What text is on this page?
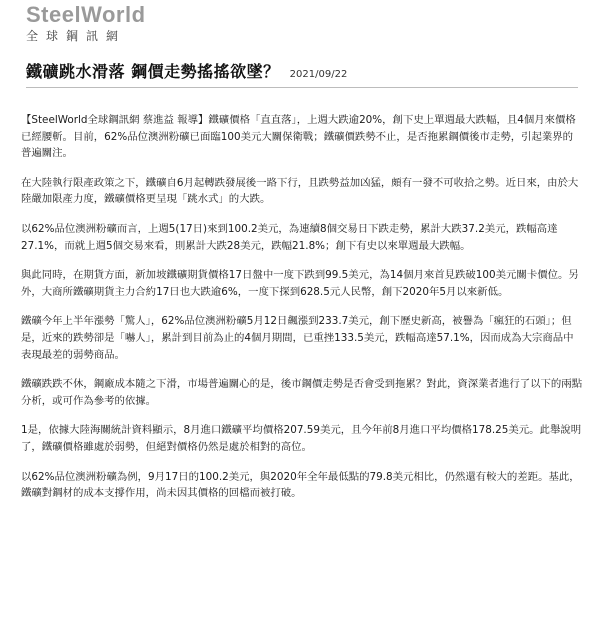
SteelWorld
全球鋼訊網
鐵礦跳水滑落 鋼價走勢搖搖欲墜？ 2021/09/22

【SteelWorld全球鋼訊網 蔡進益 報導】鐵礦價格「直直落」，上週大跌逾20%，創下史上單週最大跌幅，且4個月來價格已經腰斬。目前，62%品位澳洲粉礦已面臨100美元大關保衛戰；鐵礦價跌勢不止，是否拖累鋼價後市走勢，引起業界的普遍關注。

在大陸執行限產政策之下，鐵礦自6月起轉跌發展後一路下行，且跌勢益加凶猛，頗有一發不可收拾之勢。近日來，由於大陸嚴加限產力度，鐵礦價格更呈現「跳水式」的大跌。

以62%品位澳洲粉礦而言，上週5(17日)來到100.2美元，為連續8個交易日下跌走勢，累計大跌37.2美元，跌幅高達27.1%，而就上週5個交易來看，則累計大跌28美元，跌幅21.8%；創下有史以來單週最大跌幅。

與此同時，在期貨方面，新加坡鐵礦期貨價格17日盤中一度下跌到99.5美元，為14個月來首見跌破100美元關卡價位。另外，大商所鐵礦期貨主力合約17日也大跌逾6%，一度下探到628.5元人民幣，創下2020年5月以來新低。

鐵礦今年上半年漲勢「驚人」，62%品位澳洲粉礦5月12日飆漲到233.7美元，創下歷史新高，被譽為「瘋狂的石頭」；但是，近來的跌勢卻是「嚇人」，累計到目前為止的4個月期間，已重挫133.5美元，跌幅高達57.1%，因而成為大宗商品中表現最差的弱勢商品。

鐵礦跌跌不休，鋼廠成本隨之下滑，市場普遍關心的是，後市鋼價走勢是否會受到拖累？對此，資深業者進行了以下的兩點分析，或可作為參考的依據。

1是，依據大陸海關統計資料顯示，8月進口鐵礦平均價格207.59美元，且今年前8月進口平均價格178.25美元。此舉說明了，鐵礦價格雖處於弱勢，但絕對價格仍然是處於相對的高位。

以62%品位澳洲粉礦為例，9月17日的100.2美元，與2020年全年最低點的79.8美元相比，仍然還有較大的差距。基此，鐵礦對鋼材的成本支撐作用，尚未因其價格的回檔而被打破。
